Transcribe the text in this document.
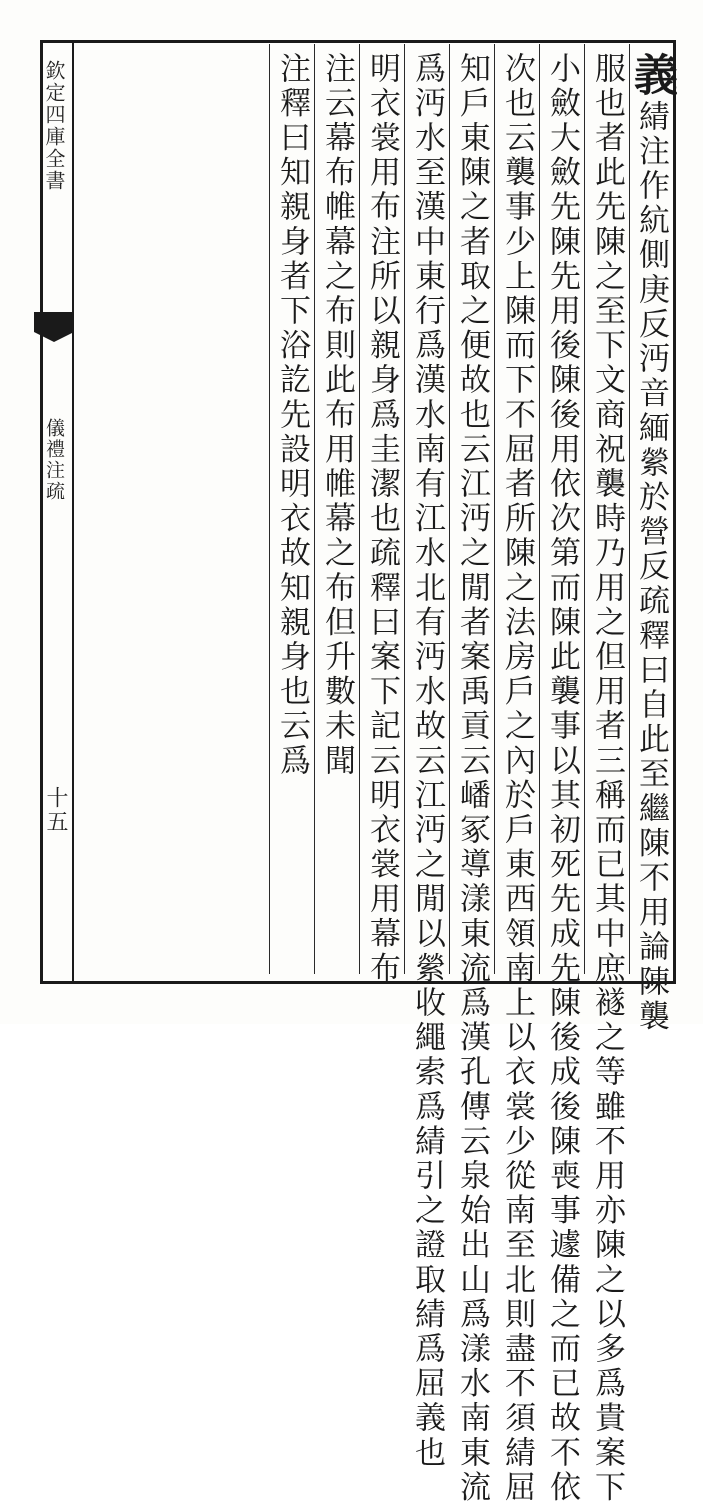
欽定四庫全書
儀禮注疏
十五
義綪注作䋁側庚反沔音緬縈於營反疏釋曰自此至繼陳不用論陳襲
服也者此先陳之至下文商祝襲時乃用之但用者三稱而已其中庶襚之等雖不用亦陳之以多爲貴案下
小斂大斂先陳先用後陳後用依次第而陳此襲事以其初死先成先陳後成後陳喪事遽備之而已故不依
次也云襲事少上陳而下不屈者所陳之法房戶之內於戶東西領南上以衣裳少從南至北則盡不須綪屈
知戶東陳之者取之便故也云江沔之閒者案禹貢云嶓冢導漾東流爲漢孔傳云泉始出山爲漾水南東流
爲沔水至漢中東行爲漢水南有江水北有沔水故云江沔之閒以縈收繩索爲綪引之證取綪爲屈義也
明衣裳用布注所以親身爲圭潔也疏釋曰案下記云明衣裳用幕布
注云幕布帷幕之布則此布用帷幕之布但升數未聞
注釋曰知親身者下浴訖先設明衣故知親身也云爲
